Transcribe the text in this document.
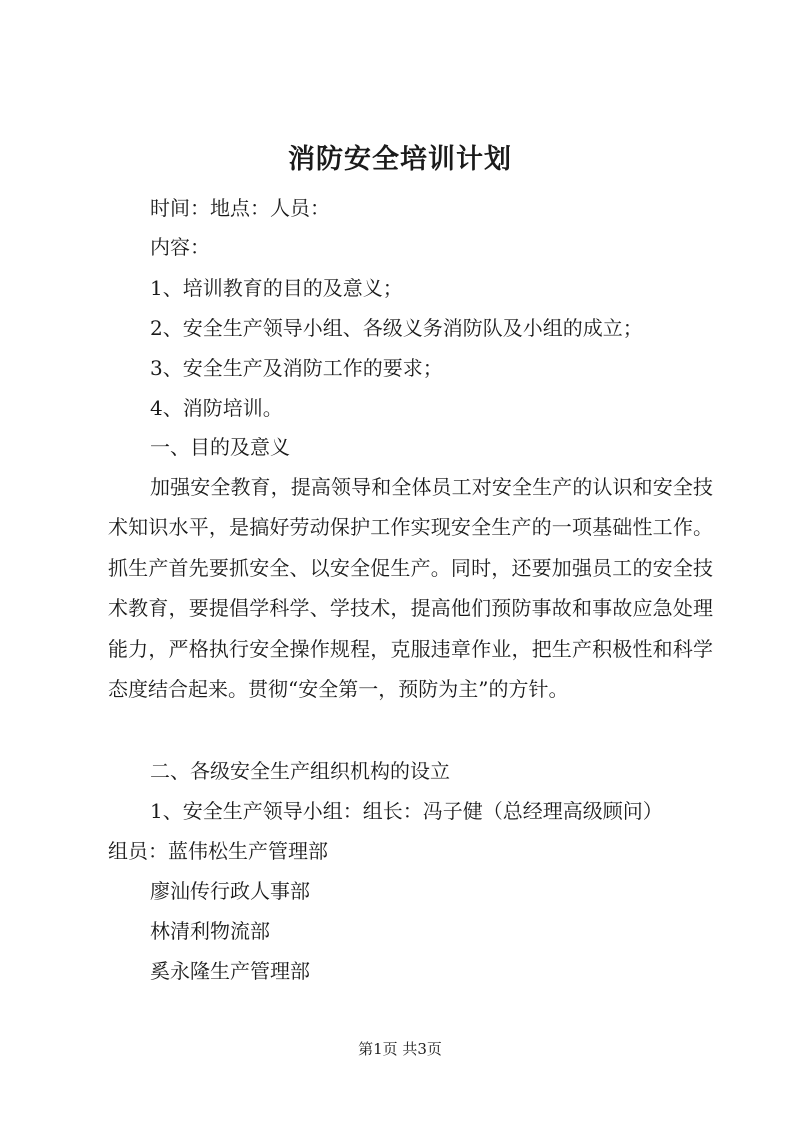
消防安全培训计划
时间：地点：人员：
内容：
1、培训教育的目的及意义；
2、安全生产领导小组、各级义务消防队及小组的成立；
3、安全生产及消防工作的要求；
4、消防培训。
一、目的及意义
加强安全教育，提高领导和全体员工对安全生产的认识和安全技术知识水平，是搞好劳动保护工作实现安全生产的一项基础性工作。抓生产首先要抓安全、以安全促生产。同时，还要加强员工的安全技术教育，要提倡学科学、学技术，提高他们预防事故和事故应急处理能力，严格执行安全操作规程，克服违章作业，把生产积极性和科学态度结合起来。贯彻“安全第一，预防为主”的方针。
二、各级安全生产组织机构的设立
1、安全生产领导小组：组长：冯子健（总经理高级顾问）
组员：蓝伟松生产管理部
廖汕传行政人事部
林清利物流部
奚永隆生产管理部
第1页 共3页
